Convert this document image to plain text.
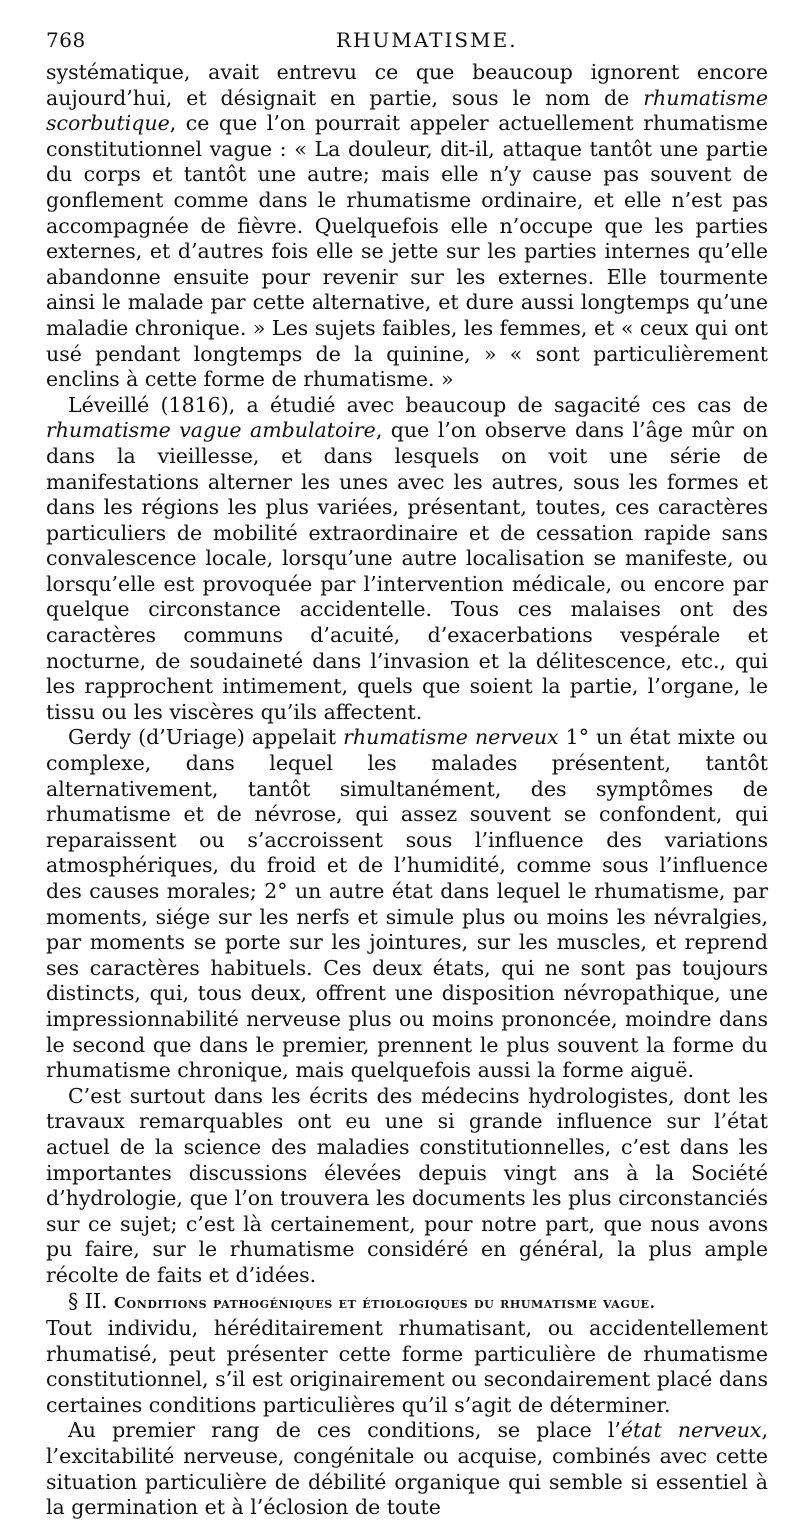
768	RHUMATISME.

systématique, avait entrevu ce que beaucoup ignorent encore aujourd’hui, et désignait en partie, sous le nom de rhumatisme scorbutique, ce que l’on pourrait appeler actuellement rhumatisme constitutionnel vague : « La douleur, dit-il, attaque tantôt une partie du corps et tantôt une autre; mais elle n’y cause pas souvent de gonflement comme dans le rhumatisme ordinaire, et elle n’est pas accompagnée de fièvre. Quelquefois elle n’occupe que les parties externes, et d’autres fois elle se jette sur les parties internes qu’elle abandonne ensuite pour revenir sur les externes. Elle tourmente ainsi le malade par cette alternative, et dure aussi longtemps qu’une maladie chronique. » Les sujets faibles, les femmes, et « ceux qui ont usé pendant longtemps de la quinine, » « sont particulièrement enclins à cette forme de rhumatisme. »

Léveillé (1816), a étudié avec beaucoup de sagacité ces cas de rhumatisme vague ambulatoire, que l’on observe dans l’âge mûr on dans la vieillesse, et dans lesquels on voit une série de manifestations alterner les unes avec les autres, sous les formes et dans les régions les plus variées, présentant, toutes, ces caractères particuliers de mobilité extraordinaire et de cessation rapide sans convalescence locale, lorsqu’une autre localisation se manifeste, ou lorsqu’elle est provoquée par l’intervention médicale, ou encore par quelque circonstance accidentelle. Tous ces malaises ont des caractères communs d’acuité, d’exacerbations vespérale et nocturne, de soudaineté dans l’invasion et la délitescence, etc., qui les rapprochent intimement, quels que soient la partie, l’organe, le tissu ou les viscères qu’ils affectent.

Gerdy (d’Uriage) appelait rhumatisme nerveux 1° un état mixte ou complexe, dans lequel les malades présentent, tantôt alternativement, tantôt simultanément, des symptômes de rhumatisme et de névrose, qui assez souvent se confondent, qui reparaissent ou s’accroissent sous l’influence des variations atmosphériques, du froid et de l’humidité, comme sous l’influence des causes morales; 2° un autre état dans lequel le rhumatisme, par moments, siége sur les nerfs et simule plus ou moins les névralgies, par moments se porte sur les jointures, sur les muscles, et reprend ses caractères habituels. Ces deux états, qui ne sont pas toujours distincts, qui, tous deux, offrent une disposition névropathique, une impressionnabilité nerveuse plus ou moins prononcée, moindre dans le second que dans le premier, prennent le plus souvent la forme du rhumatisme chronique, mais quelquefois aussi la forme aiguë.

C’est surtout dans les écrits des médecins hydrologistes, dont les travaux remarquables ont eu une si grande influence sur l’état actuel de la science des maladies constitutionnelles, c’est dans les importantes discussions élevées depuis vingt ans à la Société d’hydrologie, que l’on trouvera les documents les plus circonstanciés sur ce sujet; c’est là certainement, pour notre part, que nous avons pu faire, sur le rhumatisme considéré en général, la plus ample récolte de faits et d’idées.

§ II. Conditions pathogéniques et étiologiques du rhumatisme vague.

Tout individu, héréditairement rhumatisant, ou accidentellement rhumatisé, peut présenter cette forme particulière de rhumatisme constitutionnel, s’il est originairement ou secondairement placé dans certaines conditions particulières qu’il s’agit de déterminer.

Au premier rang de ces conditions, se place l’état nerveux, l’excitabilité nerveuse, congénitale ou acquise, combinés avec cette situation particulière de débilité organique qui semble si essentiel à la germination et à l’éclosion de toute
